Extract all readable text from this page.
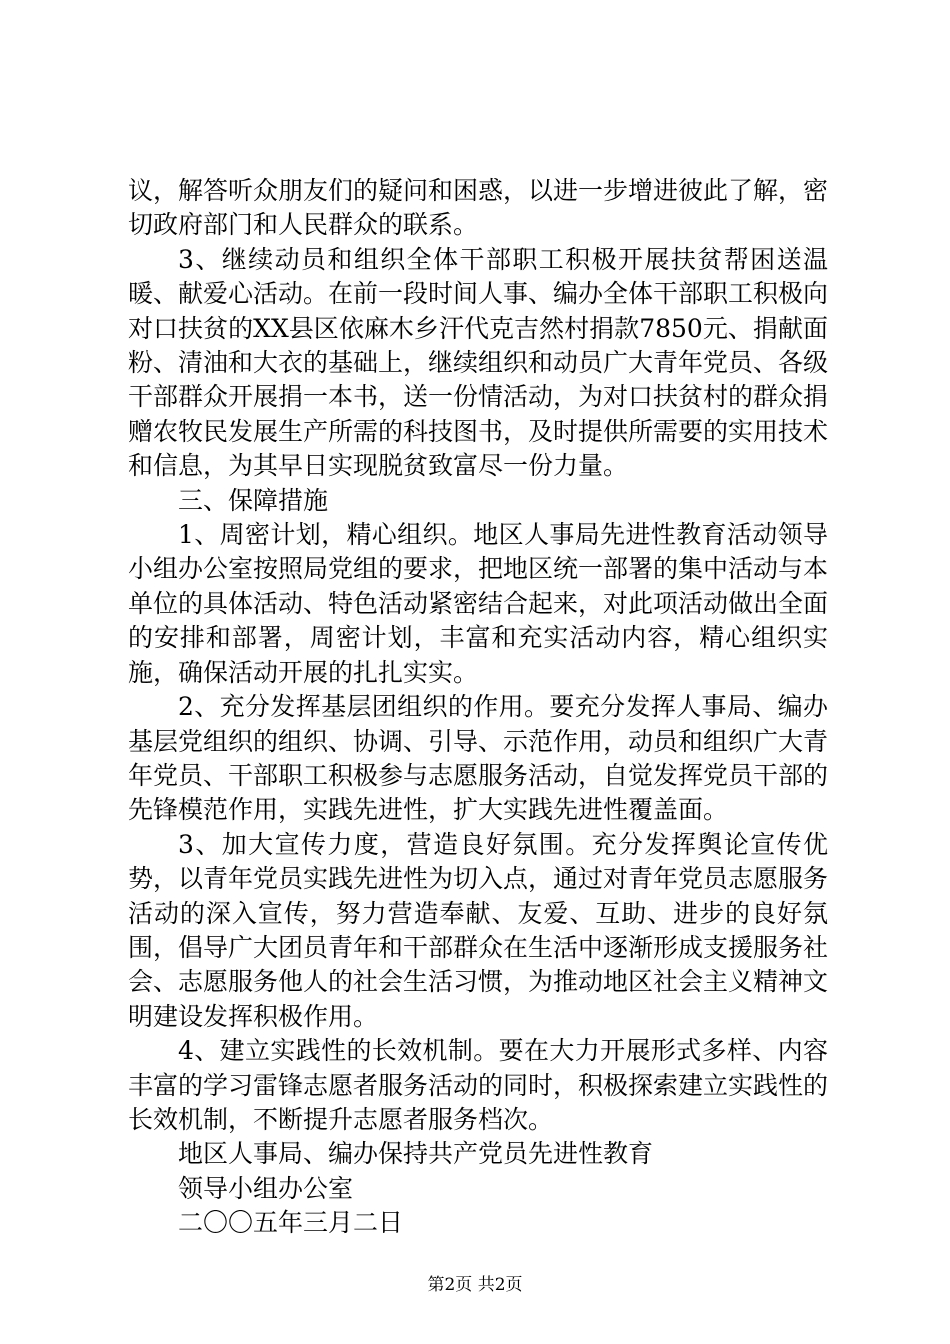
议，解答听众朋友们的疑问和困惑，以进一步增进彼此了解，密切政府部门和人民群众的联系。

3、继续动员和组织全体干部职工积极开展扶贫帮困送温暖、献爱心活动。在前一段时间人事、编办全体干部职工积极向对口扶贫的XX县区依麻木乡汗代克吉然村捐款7850元、捐献面粉、清油和大衣的基础上，继续组织和动员广大青年党员、各级干部群众开展捐一本书，送一份情活动，为对口扶贫村的群众捐赠农牧民发展生产所需的科技图书，及时提供所需要的实用技术和信息，为其早日实现脱贫致富尽一份力量。

三、保障措施

1、周密计划，精心组织。地区人事局先进性教育活动领导小组办公室按照局党组的要求，把地区统一部署的集中活动与本单位的具体活动、特色活动紧密结合起来，对此项活动做出全面的安排和部署，周密计划，丰富和充实活动内容，精心组织实施，确保活动开展的扎扎实实。

2、充分发挥基层团组织的作用。要充分发挥人事局、编办基层党组织的组织、协调、引导、示范作用，动员和组织广大青年党员、干部职工积极参与志愿服务活动，自觉发挥党员干部的先锋模范作用，实践先进性，扩大实践先进性覆盖面。

3、加大宣传力度，营造良好氛围。充分发挥舆论宣传优势，以青年党员实践先进性为切入点，通过对青年党员志愿服务活动的深入宣传，努力营造奉献、友爱、互助、进步的良好氛围，倡导广大团员青年和干部群众在生活中逐渐形成支援服务社会、志愿服务他人的社会生活习惯，为推动地区社会主义精神文明建设发挥积极作用。

4、建立实践性的长效机制。要在大力开展形式多样、内容丰富的学习雷锋志愿者服务活动的同时，积极探索建立实践性的长效机制，不断提升志愿者服务档次。

地区人事局、编办保持共产党员先进性教育

领导小组办公室

二〇〇五年三月二日

第2页 共2页
